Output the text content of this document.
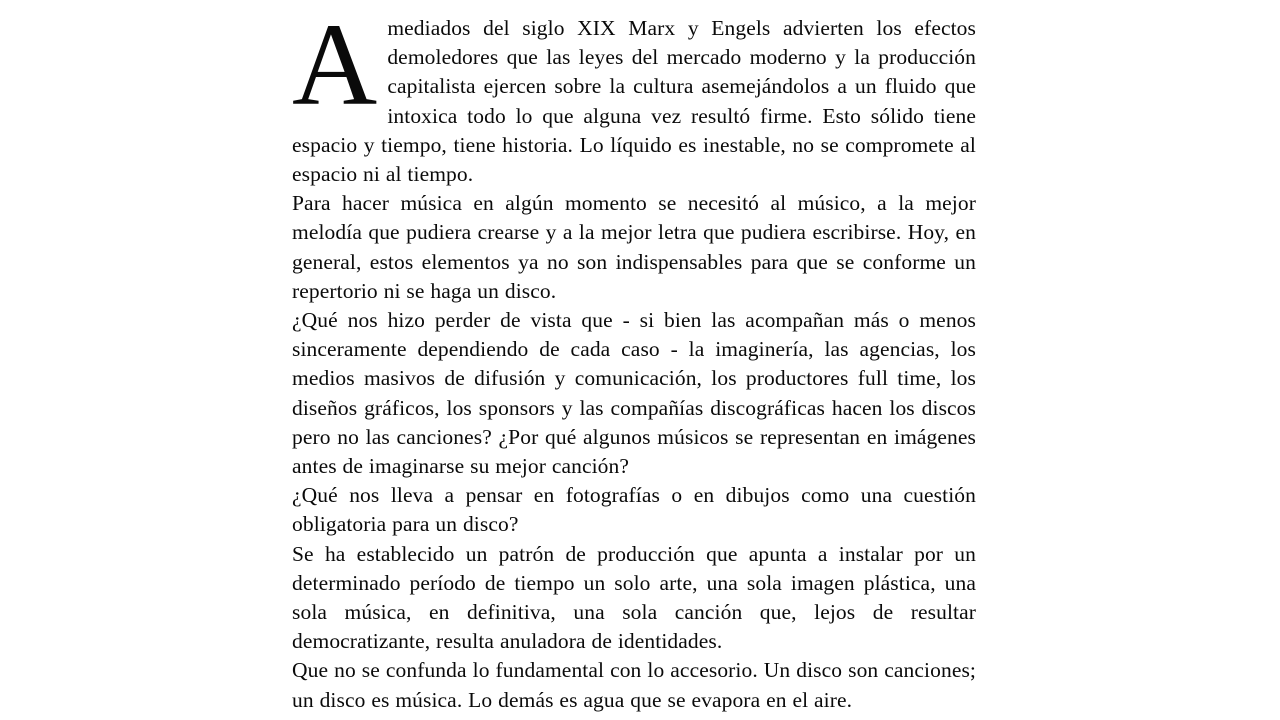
A mediados del siglo XIX Marx y Engels advierten los efectos demoledores que las leyes del mercado moderno y la producción capitalista ejercen sobre la cultura asemejándolos a un fluido que intoxica todo lo que alguna vez resultó firme. Esto sólido tiene espacio y tiempo, tiene historia. Lo líquido es inestable, no se compromete al espacio ni al tiempo.

Para hacer música en algún momento se necesitó al músico, a la mejor melodía que pudiera crearse y a la mejor letra que pudiera escribirse. Hoy, en general, estos elementos ya no son indispensables para que se conforme un repertorio ni se haga un disco.

¿Qué nos hizo perder de vista que - si bien las acompañan más o menos sinceramente dependiendo de cada caso - la imaginería, las agencias, los medios masivos de difusión y comunicación, los productores full time, los diseños gráficos, los sponsors y las compañías discográficas hacen los discos pero no las canciones? ¿Por qué algunos músicos se representan en imágenes antes de imaginarse su mejor canción?

¿Qué nos lleva a pensar en fotografías o en dibujos como una cuestión obligatoria para un disco?

Se ha establecido un patrón de producción que apunta a instalar por un determinado período de tiempo un solo arte, una sola imagen plástica, una sola música, en definitiva, una sola canción que, lejos de resultar democratizante, resulta anuladora de identidades.

Que no se confunda lo fundamental con lo accesorio. Un disco son canciones; un disco es música. Lo demás es agua que se evapora en el aire.
